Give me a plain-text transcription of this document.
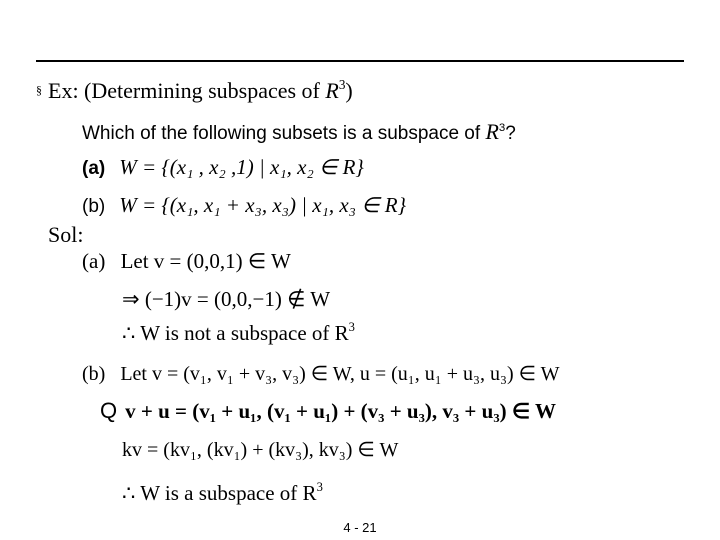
§ Ex: (Determining subspaces of $R^3$)
Which of the following subsets is a subspace of $R^3$?
(a) W = {(x₁ , x₂ ,1) | x₁, x₂ ∈ R}
(b) W = {(x₁, x₁ + x₃, x₃) | x₁, x₃ ∈ R}
Sol:
(a) Let v = (0,0,1) ∈ W
⇒ (−1)v = (0,0,−1) ∉ W
∴ W is not a subspace of $R^3$
(b) Let v = (v₁, v₁ + v₃, v₃) ∈ W, u = (u₁, u₁ + u₃, u₃) ∈ W
Q v + u = (v₁ + u₁, (v₁ + u₁) + (v₃ + u₃), v₃ + u₃) ∈ W
kv = (kv₁, (kv₁) + (kv₃), kv₃) ∈ W
∴ W is a subspace of $R^3$
4 - 21
